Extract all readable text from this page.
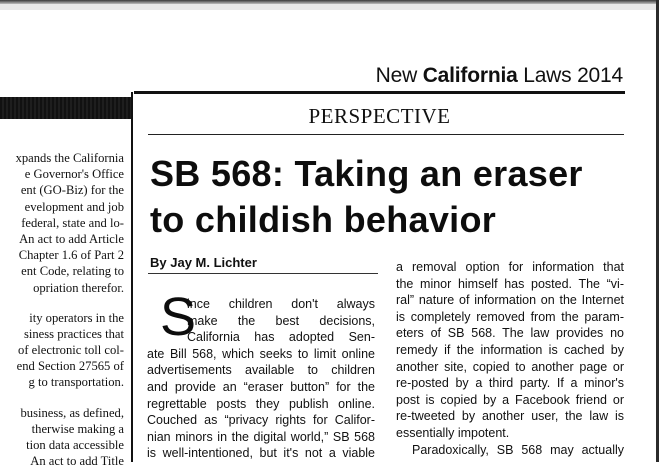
New California Laws 2014
xpands the California
e Governor's Office
ent (GO-Biz) for the
evelopment and job
federal, state and lo-
An act to add Article
Chapter 1.6 of Part 2
ent Code, relating to
opriation therefor.
ity operators in the
siness practices that
of electronic toll col-
end Section 27565 of
g to transportation.
business, as defined,
therwise making a
tion data accessible
An act to add Title
PERSPECTIVE
SB 568: Taking an eraser
to childish behavior
By Jay M. Lichter
S
ince children don't always
make the best decisions,
California has adopted Sen-
ate Bill 568, which seeks to limit online
advertisements available to children
and provide an “eraser button” for the
regrettable posts they publish online.
Couched as “privacy rights for Califor-
nian minors in the digital world,” SB 568
is well-intentioned, but it's not a viable
a removal option for information that
the minor himself has posted. The “vi-
ral” nature of information on the Internet
is completely removed from the param-
eters of SB 568. The law provides no
remedy if the information is cached by
another site, copied to another page or
re-posted by a third party. If a minor's
post is copied by a Facebook friend or
re-tweeted by another user, the law is
essentially impotent.
Paradoxically, SB 568 may actually
